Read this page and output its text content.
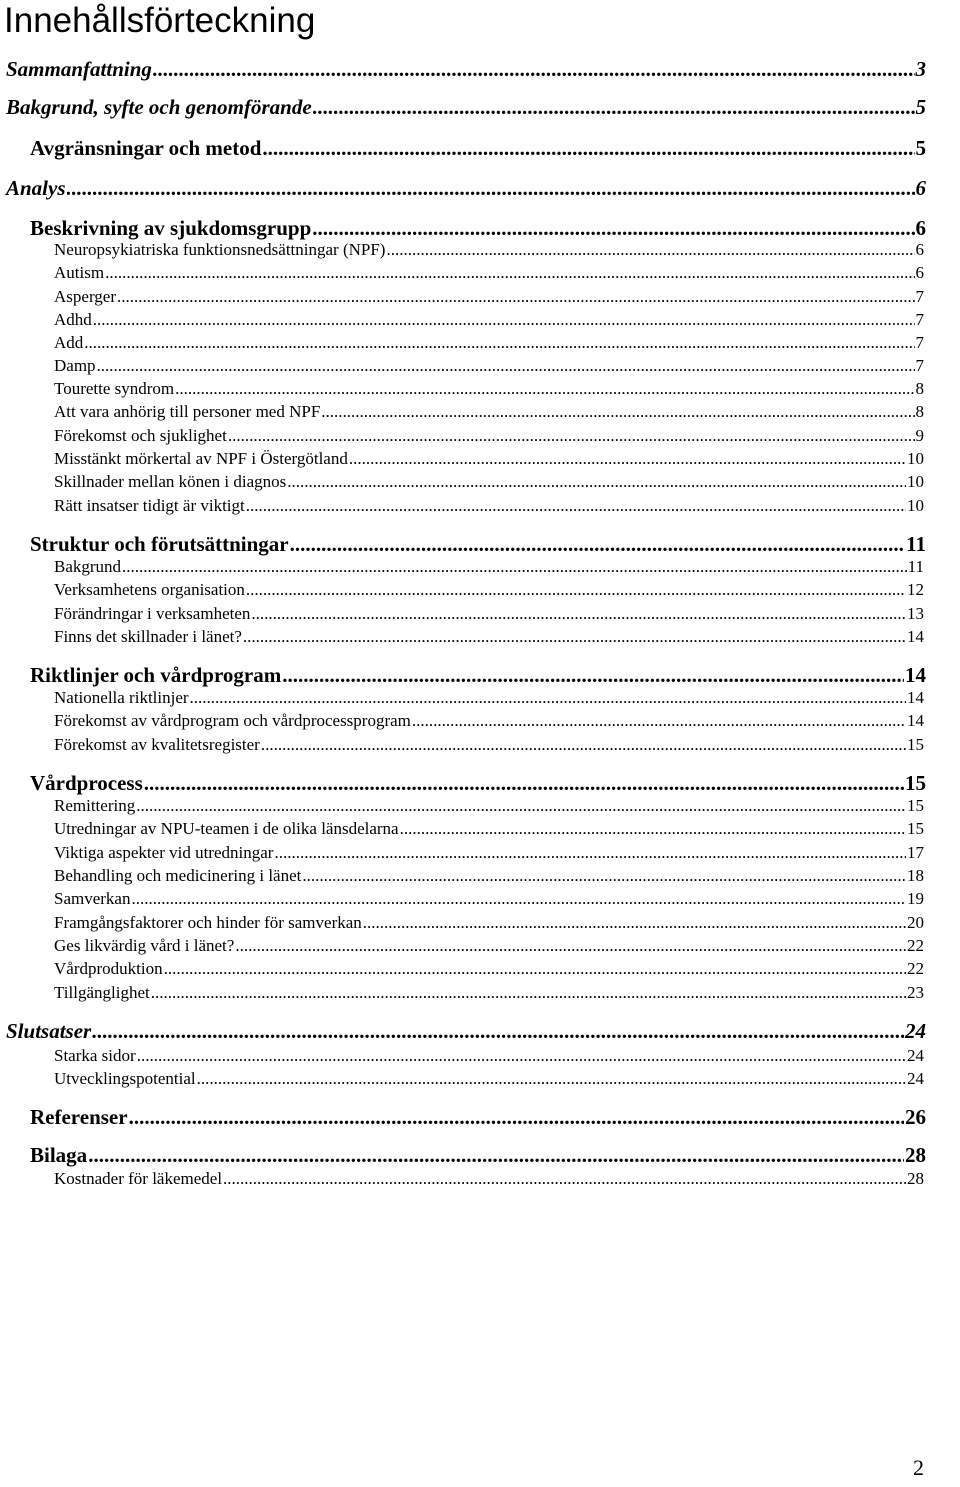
Innehållsförteckning
Sammanfattning .....	3
Bakgrund, syfte och genomförande .....	5
Avgränsningar och metod .....	5
Analys .....	6
Beskrivning av sjukdomsgrupp .....	6
Neuropsykiatriska funktionsnedsättningar (NPF) .....	6
Autism .....	6
Asperger .....	7
Adhd .....	7
Add .....	7
Damp .....	7
Tourette syndrom .....	8
Att vara anhörig till personer med NPF .....	8
Förekomst och sjuklighet .....	9
Misstänkt mörkertal av NPF i Östergötland .....	10
Skillnader mellan könen i diagnos .....	10
Rätt insatser tidigt är viktigt .....	10
Struktur och förutsättningar .....	11
Bakgrund .....	11
Verksamhetens organisation .....	12
Förändringar i verksamheten .....	13
Finns det skillnader i länet? .....	14
Riktlinjer och vårdprogram .....	14
Nationella riktlinjer .....	14
Förekomst av vårdprogram och vårdprocessprogram .....	14
Förekomst av kvalitetsregister .....	15
Vårdprocess .....	15
Remittering .....	15
Utredningar av NPU-teamen i de olika länsdelarna .....	15
Viktiga aspekter vid utredningar .....	17
Behandling och medicinering i länet .....	18
Samverkan .....	19
Framgångsfaktorer och hinder för samverkan .....	20
Ges likvärdig vård i länet? .....	22
Vårdproduktion .....	22
Tillgänglighet .....	23
Slutsatser .....	24
Starka sidor .....	24
Utvecklingspotential .....	24
Referenser .....	26
Bilaga .....	28
Kostnader för läkemedel .....	28
2
